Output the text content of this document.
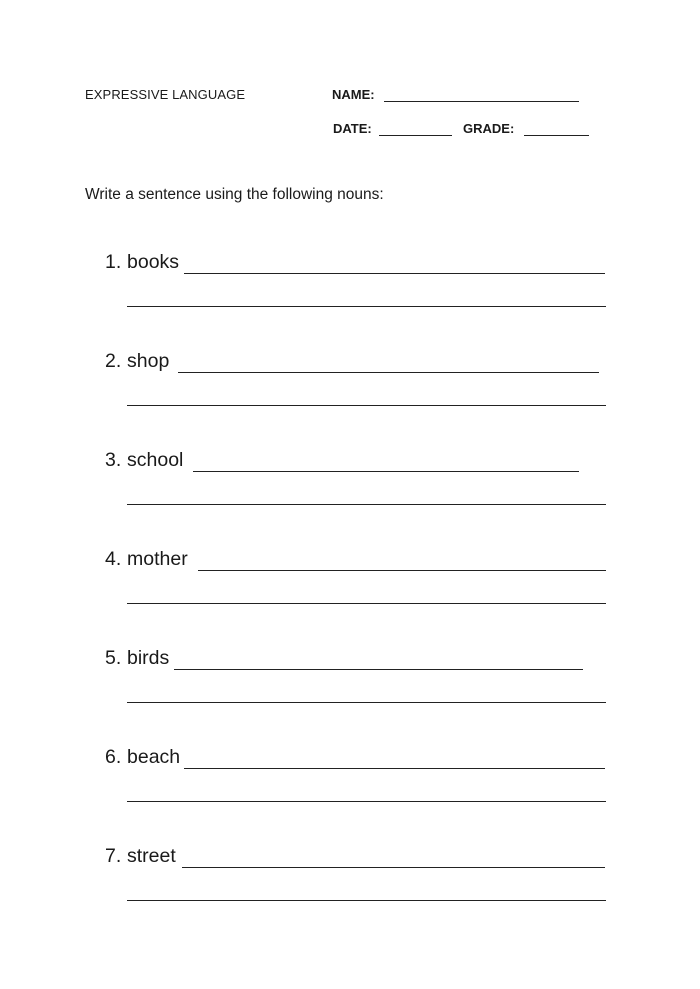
EXPRESSIVE LANGUAGE	NAME:
DATE:	GRADE:
Write a sentence using the following nouns:
1. books
2. shop
3. school
4. mother
5. birds
6. beach
7. street
